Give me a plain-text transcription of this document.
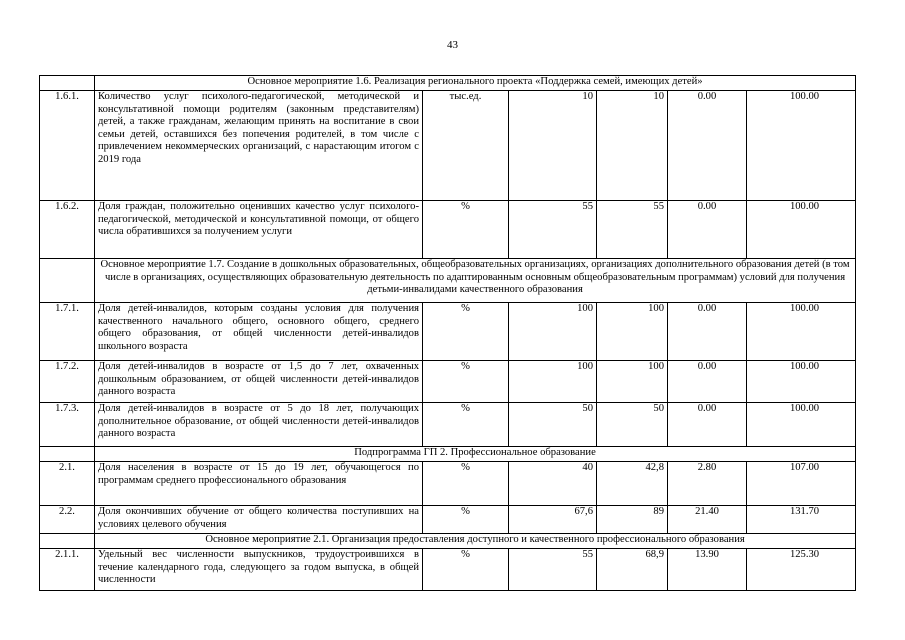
43
	Основное мероприятие 1.6. Реализация регионального проекта «Поддержка семей, имеющих детей»					
1.6.1.	Количество услуг психолого-педагогической, методической и консультативной помощи родителям (законным представителям) детей, а также гражданам, желающим принять на воспитание в свои семьи детей, оставшихся без попечения родителей, в том числе с привлечением некоммерческих организаций, с нарастающим итогом с 2019 года	тыс.ед.	10	10	0.00	100.00
1.6.2.	Доля граждан, положительно оценивших качество услуг психолого-педагогической, методической и консультативной помощи, от общего числа обратившихся за получением услуги	%	55	55	0.00	100.00
	Основное мероприятие 1.7. Создание в дошкольных образовательных, общеобразовательных организациях, организациях дополнительного образования детей (в том числе в организациях, осуществляющих образовательную деятельность по адаптированным основным общеобразовательным программам) условий для получения детьми-инвалидами качественного образования					
1.7.1.	Доля детей-инвалидов, которым созданы условия для получения качественного начального общего, основного общего, среднего общего образования, от общей численности детей-инвалидов школьного возраста	%	100	100	0.00	100.00
1.7.2.	Доля детей-инвалидов в возрасте от 1,5 до 7 лет, охваченных дошкольным образованием, от общей численности детей-инвалидов данного возраста	%	100	100	0.00	100.00
1.7.3.	Доля детей-инвалидов в возрасте от 5 до 18 лет, получающих дополнительное образование, от общей численности детей-инвалидов данного возраста	%	50	50	0.00	100.00
	Подпрограмма ГП 2. Профессиональное образование					
2.1.	Доля населения в возрасте от 15 до 19 лет, обучающегося по программам среднего профессионального образования	%	40	42,8	2.80	107.00
2.2.	Доля окончивших обучение от общего количества поступивших на условиях целевого обучения	%	67,6	89	21.40	131.70
	Основное мероприятие 2.1. Организация предоставления доступного и качественного профессионального образования					
2.1.1.	Удельный вес численности выпускников, трудоустроившихся в течение календарного года, следующего за годом выпуска, в общей численности	%	55	68,9	13.90	125.30
